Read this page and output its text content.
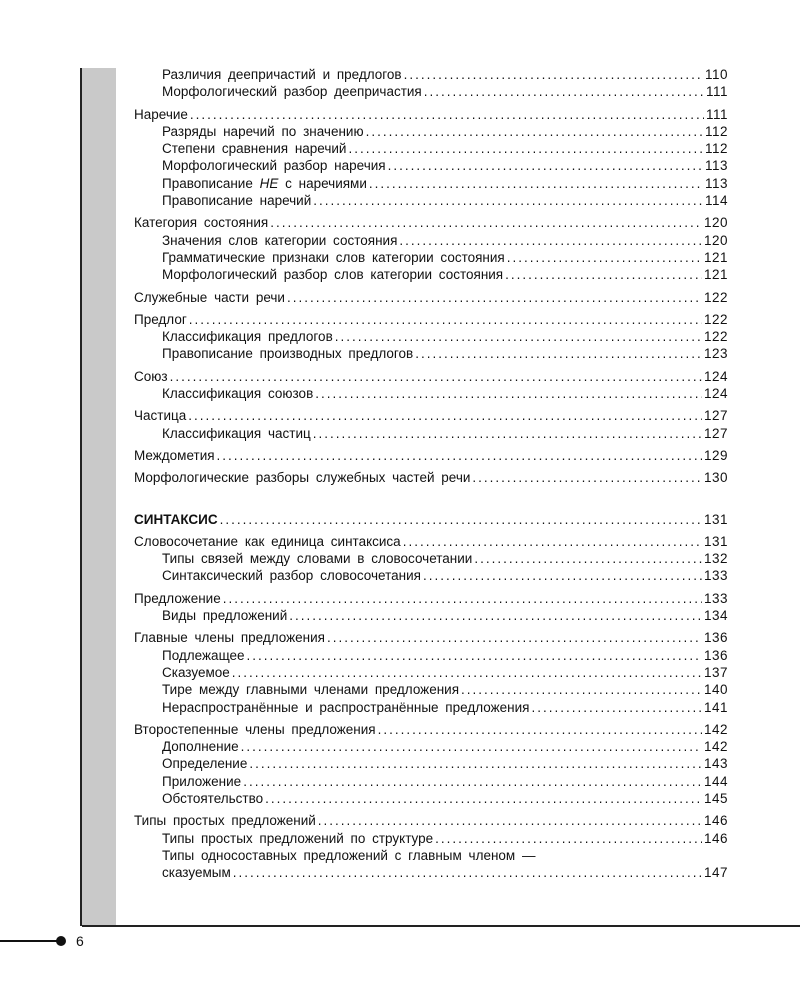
6
Различия деепричастий и предлогов .....	110
Морфологический разбор деепричастия .....	111
Наречие .....	111
Разряды наречий по значению .....	112
Степени сравнения наречий .....	112
Морфологический разбор наречия .....	113
Правописание НЕ с наречиями .....	113
Правописание наречий .....	114
Категория состояния .....	120
Значения слов категории состояния .....	120
Грамматические признаки слов категории состояния .....	121
Морфологический разбор слов категории состояния .....	121
Служебные части речи .....	122
Предлог .....	122
Классификация предлогов .....	122
Правописание производных предлогов .....	123
Союз .....	124
Классификация союзов .....	124
Частица .....	127
Классификация частиц .....	127
Междометия .....	129
Морфологические разборы служебных частей речи .....	130
СИНТАКСИС .....	131
Словосочетание как единица синтаксиса .....	131
Типы связей между словами в словосочетании .....	132
Синтаксический разбор словосочетания .....	133
Предложение .....	133
Виды предложений .....	134
Главные члены предложения .....	136
Подлежащее .....	136
Сказуемое .....	137
Тире между главными членами предложения .....	140
Нераспространённые и распространённые предложения .....	141
Второстепенные члены предложения .....	142
Дополнение .....	142
Определение .....	143
Приложение .....	144
Обстоятельство .....	145
Типы простых предложений .....	146
Типы простых предложений по структуре .....	146
Типы односоставных предложений с главным членом —
сказуемым .....	147
